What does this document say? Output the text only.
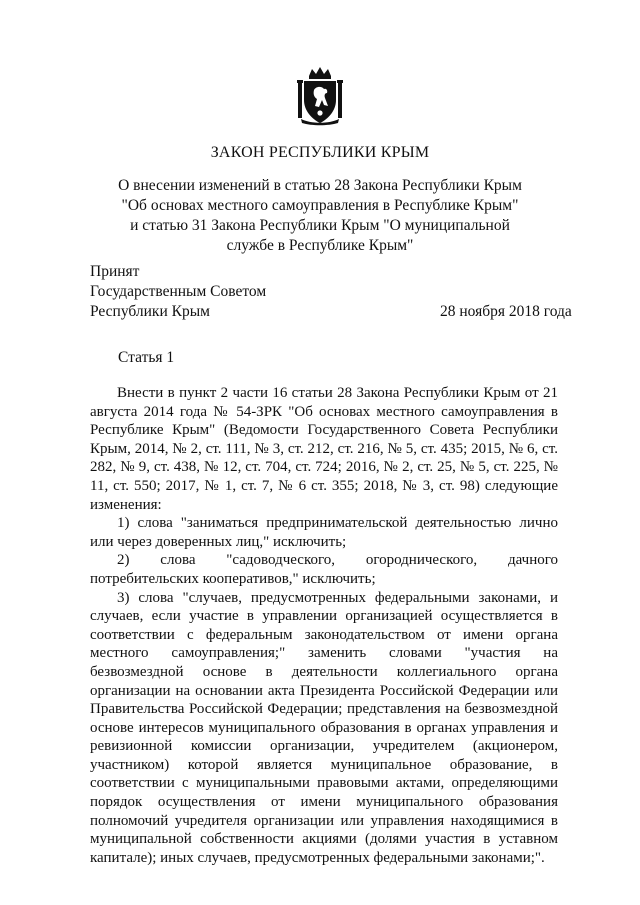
ЗАКОН РЕСПУБЛИКИ КРЫМ
О внесении изменений в статью 28 Закона Республики Крым
"Об основах местного самоуправления в Республике Крым"
и статью 31 Закона Республики Крым "О муниципальной
службе в Республике Крым"
Принят
Государственным Советом
Республики Крым	28 ноября 2018 года
Статья 1

Внести в пункт 2 части 16 статьи 28 Закона Республики Крым от 21 августа 2014 года № 54-ЗРК "Об основах местного самоуправления в Республике Крым" (Ведомости Государственного Совета Республики Крым, 2014, № 2, ст. 111, № 3, ст. 212, ст. 216, № 5, ст. 435; 2015, № 6, ст. 282, № 9, ст. 438, № 12, ст. 704, ст. 724; 2016, № 2, ст. 25, № 5, ст. 225, № 11, ст. 550; 2017, № 1, ст. 7, № 6 ст. 355; 2018, № 3, ст. 98) следующие изменения:

1) слова "заниматься предпринимательской деятельностью лично или через доверенных лиц," исключить;

2) слова "садоводческого, огороднического, дачного потребительских кооперативов," исключить;

3) слова "случаев, предусмотренных федеральными законами, и случаев, если участие в управлении организацией осуществляется в соответствии с федеральным законодательством от имени органа местного самоуправления;" заменить словами "участия на безвозмездной основе в деятельности коллегиального органа организации на основании акта Президента Российской Федерации или Правительства Российской Федерации; представления на безвозмездной основе интересов муниципального образования в органах управления и ревизионной комиссии организации, учредителем (акционером, участником) которой является муниципальное образование, в соответствии с муниципальными правовыми актами, определяющими порядок осуществления от имени муниципального образования полномочий учредителя организации или управления находящимися в муниципальной собственности акциями (долями участия в уставном капитале); иных случаев, предусмотренных федеральными законами;".
